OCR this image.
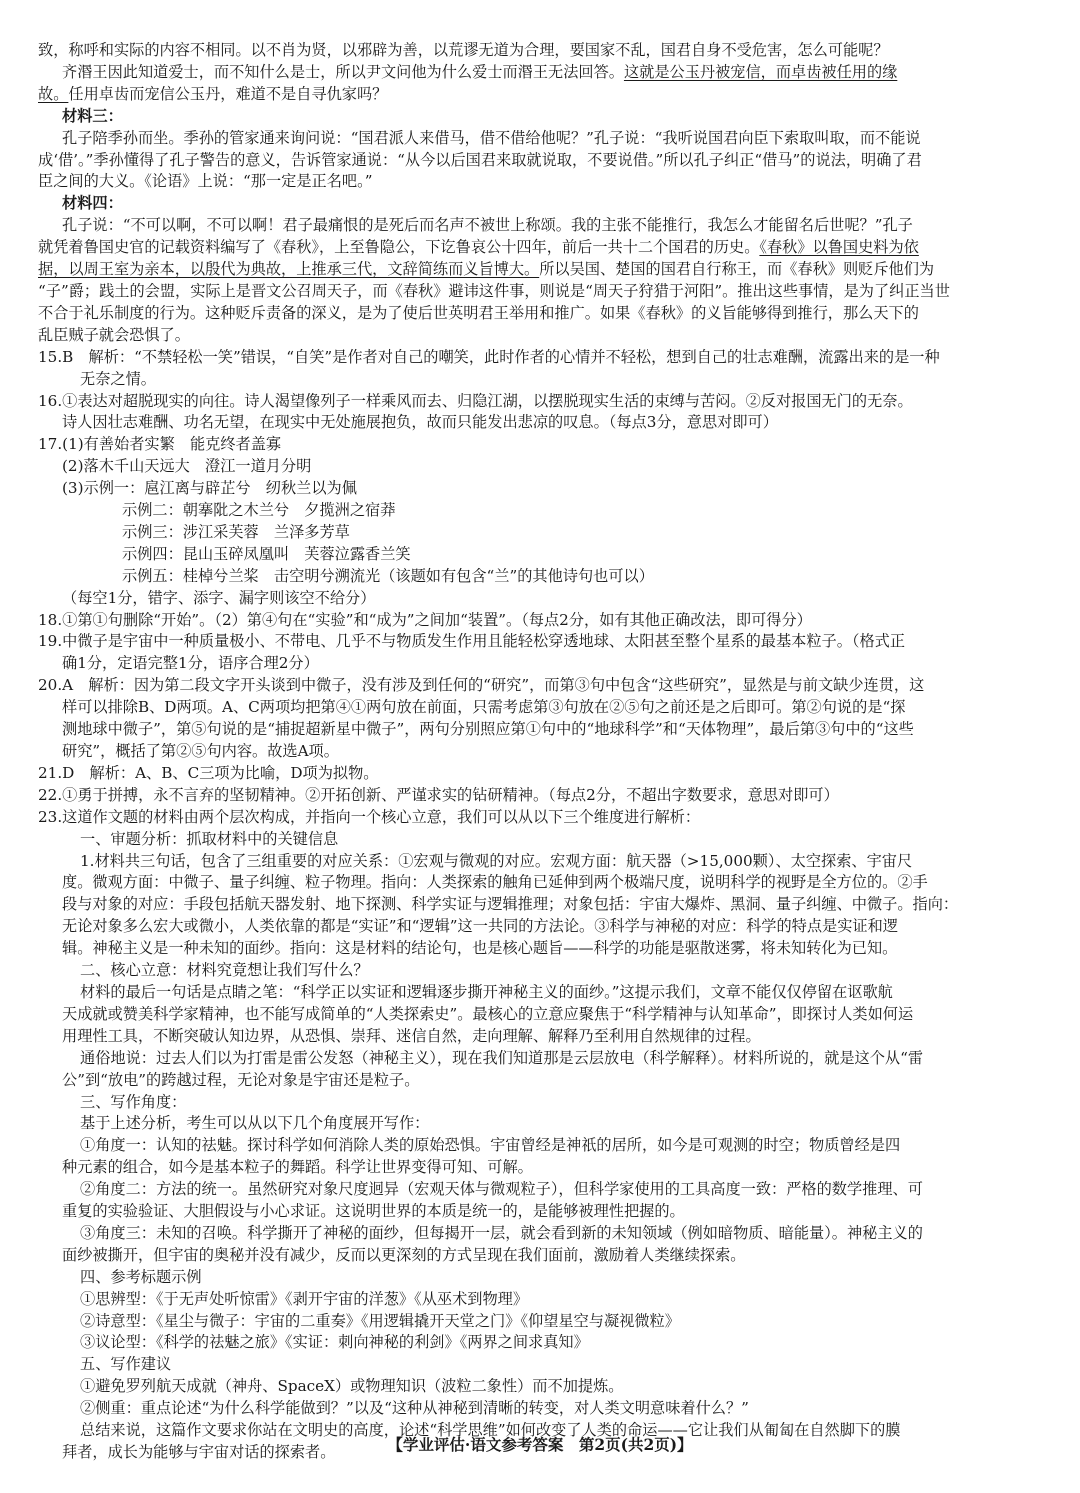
致，称呼和实际的内容不相同。以不肖为贤，以邪辟为善，以荒谬无道为合理，要国家不乱，国君自身不受危害，怎么可能呢？
齐湣王因此知道爱士，而不知什么是士，所以尹文问他为什么爱士而湣王无法回答。这就是公玉丹被宠信，而卓齿被任用的缘
故。任用卓齿而宠信公玉丹，难道不是自寻仇家吗？
材料三：
孔子陪季孙而坐。季孙的管家通来询问说：“国君派人来借马，借不借给他呢？”孔子说：“我听说国君向臣下索取叫取，而不能说
成‘借’。”季孙懂得了孔子警告的意义，告诉管家通说：“从今以后国君来取就说取，不要说借。”所以孔子纠正“借马”的说法，明确了君
臣之间的大义。《论语》上说：“那一定是正名吧。”
材料四：
孔子说：“不可以啊，不可以啊！君子最痛恨的是死后而名声不被世上称颂。我的主张不能推行，我怎么才能留名后世呢？”孔子
就凭着鲁国史官的记载资料编写了《春秋》，上至鲁隐公，下讫鲁哀公十四年，前后一共十二个国君的历史。《春秋》以鲁国史料为依
据，以周王室为亲本，以殷代为典故，上推承三代，文辞简练而义旨博大。所以吴国、楚国的国君自行称王，而《春秋》则贬斥他们为
“子”爵；践土的会盟，实际上是晋文公召周天子，而《春秋》避讳这件事，则说是“周天子狩猎于河阳”。推出这些事情，是为了纠正当世
不合于礼乐制度的行为。这种贬斥责备的深义，是为了使后世英明君王举用和推广。如果《春秋》的义旨能够得到推行，那么天下的
乱臣贼子就会恐惧了。
15.B　解析：“不禁轻松一笑”错误，“自笑”是作者对自己的嘲笑，此时作者的心情并不轻松，想到自己的壮志难酬，流露出来的是一种
无奈之情。
16.①表达对超脱现实的向往。诗人渴望像列子一样乘风而去、归隐江湖，以摆脱现实生活的束缚与苦闷。②反对报国无门的无奈。
诗人因壮志难酬、功名无望，在现实中无处施展抱负，故而只能发出悲凉的叹息。（每点3分，意思对即可）
17.(1)有善始者实繁　能克终者盖寡
(2)落木千山天远大　澄江一道月分明
(3)示例一：扈江离与辟芷兮　纫秋兰以为佩
示例二：朝搴阰之木兰兮　夕揽洲之宿莽
示例三：涉江采芙蓉　兰泽多芳草
示例四：昆山玉碎凤凰叫　芙蓉泣露香兰笑
示例五：桂棹兮兰桨　击空明兮溯流光（该题如有包含“兰”的其他诗句也可以）
（每空1分，错字、添字、漏字则该空不给分）
18.①第①句删除“开始”。（2）第④句在“实验”和“成为”之间加“装置”。（每点2分，如有其他正确改法，即可得分）
19.中微子是宇宙中一种质量极小、不带电、几乎不与物质发生作用且能轻松穿透地球、太阳甚至整个星系的最基本粒子。（格式正
确1分，定语完整1分，语序合理2分）
20.A　解析：因为第二段文字开头谈到中微子，没有涉及到任何的“研究”，而第③句中包含“这些研究”，显然是与前文缺少连贯，这
样可以排除B、D两项。A、C两项均把第④①两句放在前面，只需考虑第③句放在②⑤句之前还是之后即可。第②句说的是“探
测地球中微子”，第⑤句说的是“捕捉超新星中微子”，两句分别照应第①句中的“地球科学”和“天体物理”，最后第③句中的“这些
研究”，概括了第②⑤句内容。故选A项。
21.D　解析：A、B、C三项为比喻，D项为拟物。
22.①勇于拼搏，永不言弃的坚韧精神。②开拓创新、严谨求实的钻研精神。（每点2分，不超出字数要求，意思对即可）
23.这道作文题的材料由两个层次构成，并指向一个核心立意，我们可以从以下三个维度进行解析：
一、审题分析：抓取材料中的关键信息
1.材料共三句话，包含了三组重要的对应关系：①宏观与微观的对应。宏观方面：航天器（>15,000颗）、太空探索、宇宙尺
度。微观方面：中微子、量子纠缠、粒子物理。指向：人类探索的触角已延伸到两个极端尺度，说明科学的视野是全方位的。②手
段与对象的对应：手段包括航天器发射、地下探测、科学实证与逻辑推理；对象包括：宇宙大爆炸、黑洞、量子纠缠、中微子。指向：
无论对象多么宏大或微小，人类依靠的都是“实证”和“逻辑”这一共同的方法论。③科学与神秘的对应：科学的特点是实证和逻
辑。神秘主义是一种未知的面纱。指向：这是材料的结论句，也是核心题旨——科学的功能是驱散迷雾，将未知转化为已知。
二、核心立意：材料究竟想让我们写什么？
材料的最后一句话是点睛之笔：“科学正以实证和逻辑逐步撕开神秘主义的面纱。”这提示我们，文章不能仅仅停留在讴歌航
天成就或赞美科学家精神，也不能写成简单的“人类探索史”。最核心的立意应聚焦于“科学精神与认知革命”，即探讨人类如何运
用理性工具，不断突破认知边界，从恐惧、崇拜、迷信自然，走向理解、解释乃至利用自然规律的过程。
通俗地说：过去人们以为打雷是雷公发怒（神秘主义），现在我们知道那是云层放电（科学解释）。材料所说的，就是这个从“雷
公”到“放电”的跨越过程，无论对象是宇宙还是粒子。
三、写作角度：
基于上述分析，考生可以从以下几个角度展开写作：
①角度一：认知的祛魅。探讨科学如何消除人类的原始恐惧。宇宙曾经是神祇的居所，如今是可观测的时空；物质曾经是四
种元素的组合，如今是基本粒子的舞蹈。科学让世界变得可知、可解。
②角度二：方法的统一。虽然研究对象尺度迥异（宏观天体与微观粒子），但科学家使用的工具高度一致：严格的数学推理、可
重复的实验验证、大胆假设与小心求证。这说明世界的本质是统一的，是能够被理性把握的。
③角度三：未知的召唤。科学撕开了神秘的面纱，但每揭开一层，就会看到新的未知领域（例如暗物质、暗能量）。神秘主义的
面纱被撕开，但宇宙的奥秘并没有减少，反而以更深刻的方式呈现在我们面前，激励着人类继续探索。
四、参考标题示例
①思辨型：《于无声处听惊雷》《剥开宇宙的洋葱》《从巫术到物理》
②诗意型：《星尘与微子：宇宙的二重奏》《用逻辑撬开天堂之门》《仰望星空与凝视微粒》
③议论型：《科学的祛魅之旅》《实证：刺向神秘的利剑》《两界之间求真知》
五、写作建议
①避免罗列航天成就（神舟、SpaceX）或物理知识（波粒二象性）而不加提炼。
②侧重：重点论述“为什么科学能做到？”以及“这种从神秘到清晰的转变，对人类文明意味着什么？”
总结来说，这篇作文要求你站在文明史的高度，论述“科学思维”如何改变了人类的命运——它让我们从匍匐在自然脚下的膜
拜者，成长为能够与宇宙对话的探索者。	【学业评估·语文参考答案　第2页(共2页)】
